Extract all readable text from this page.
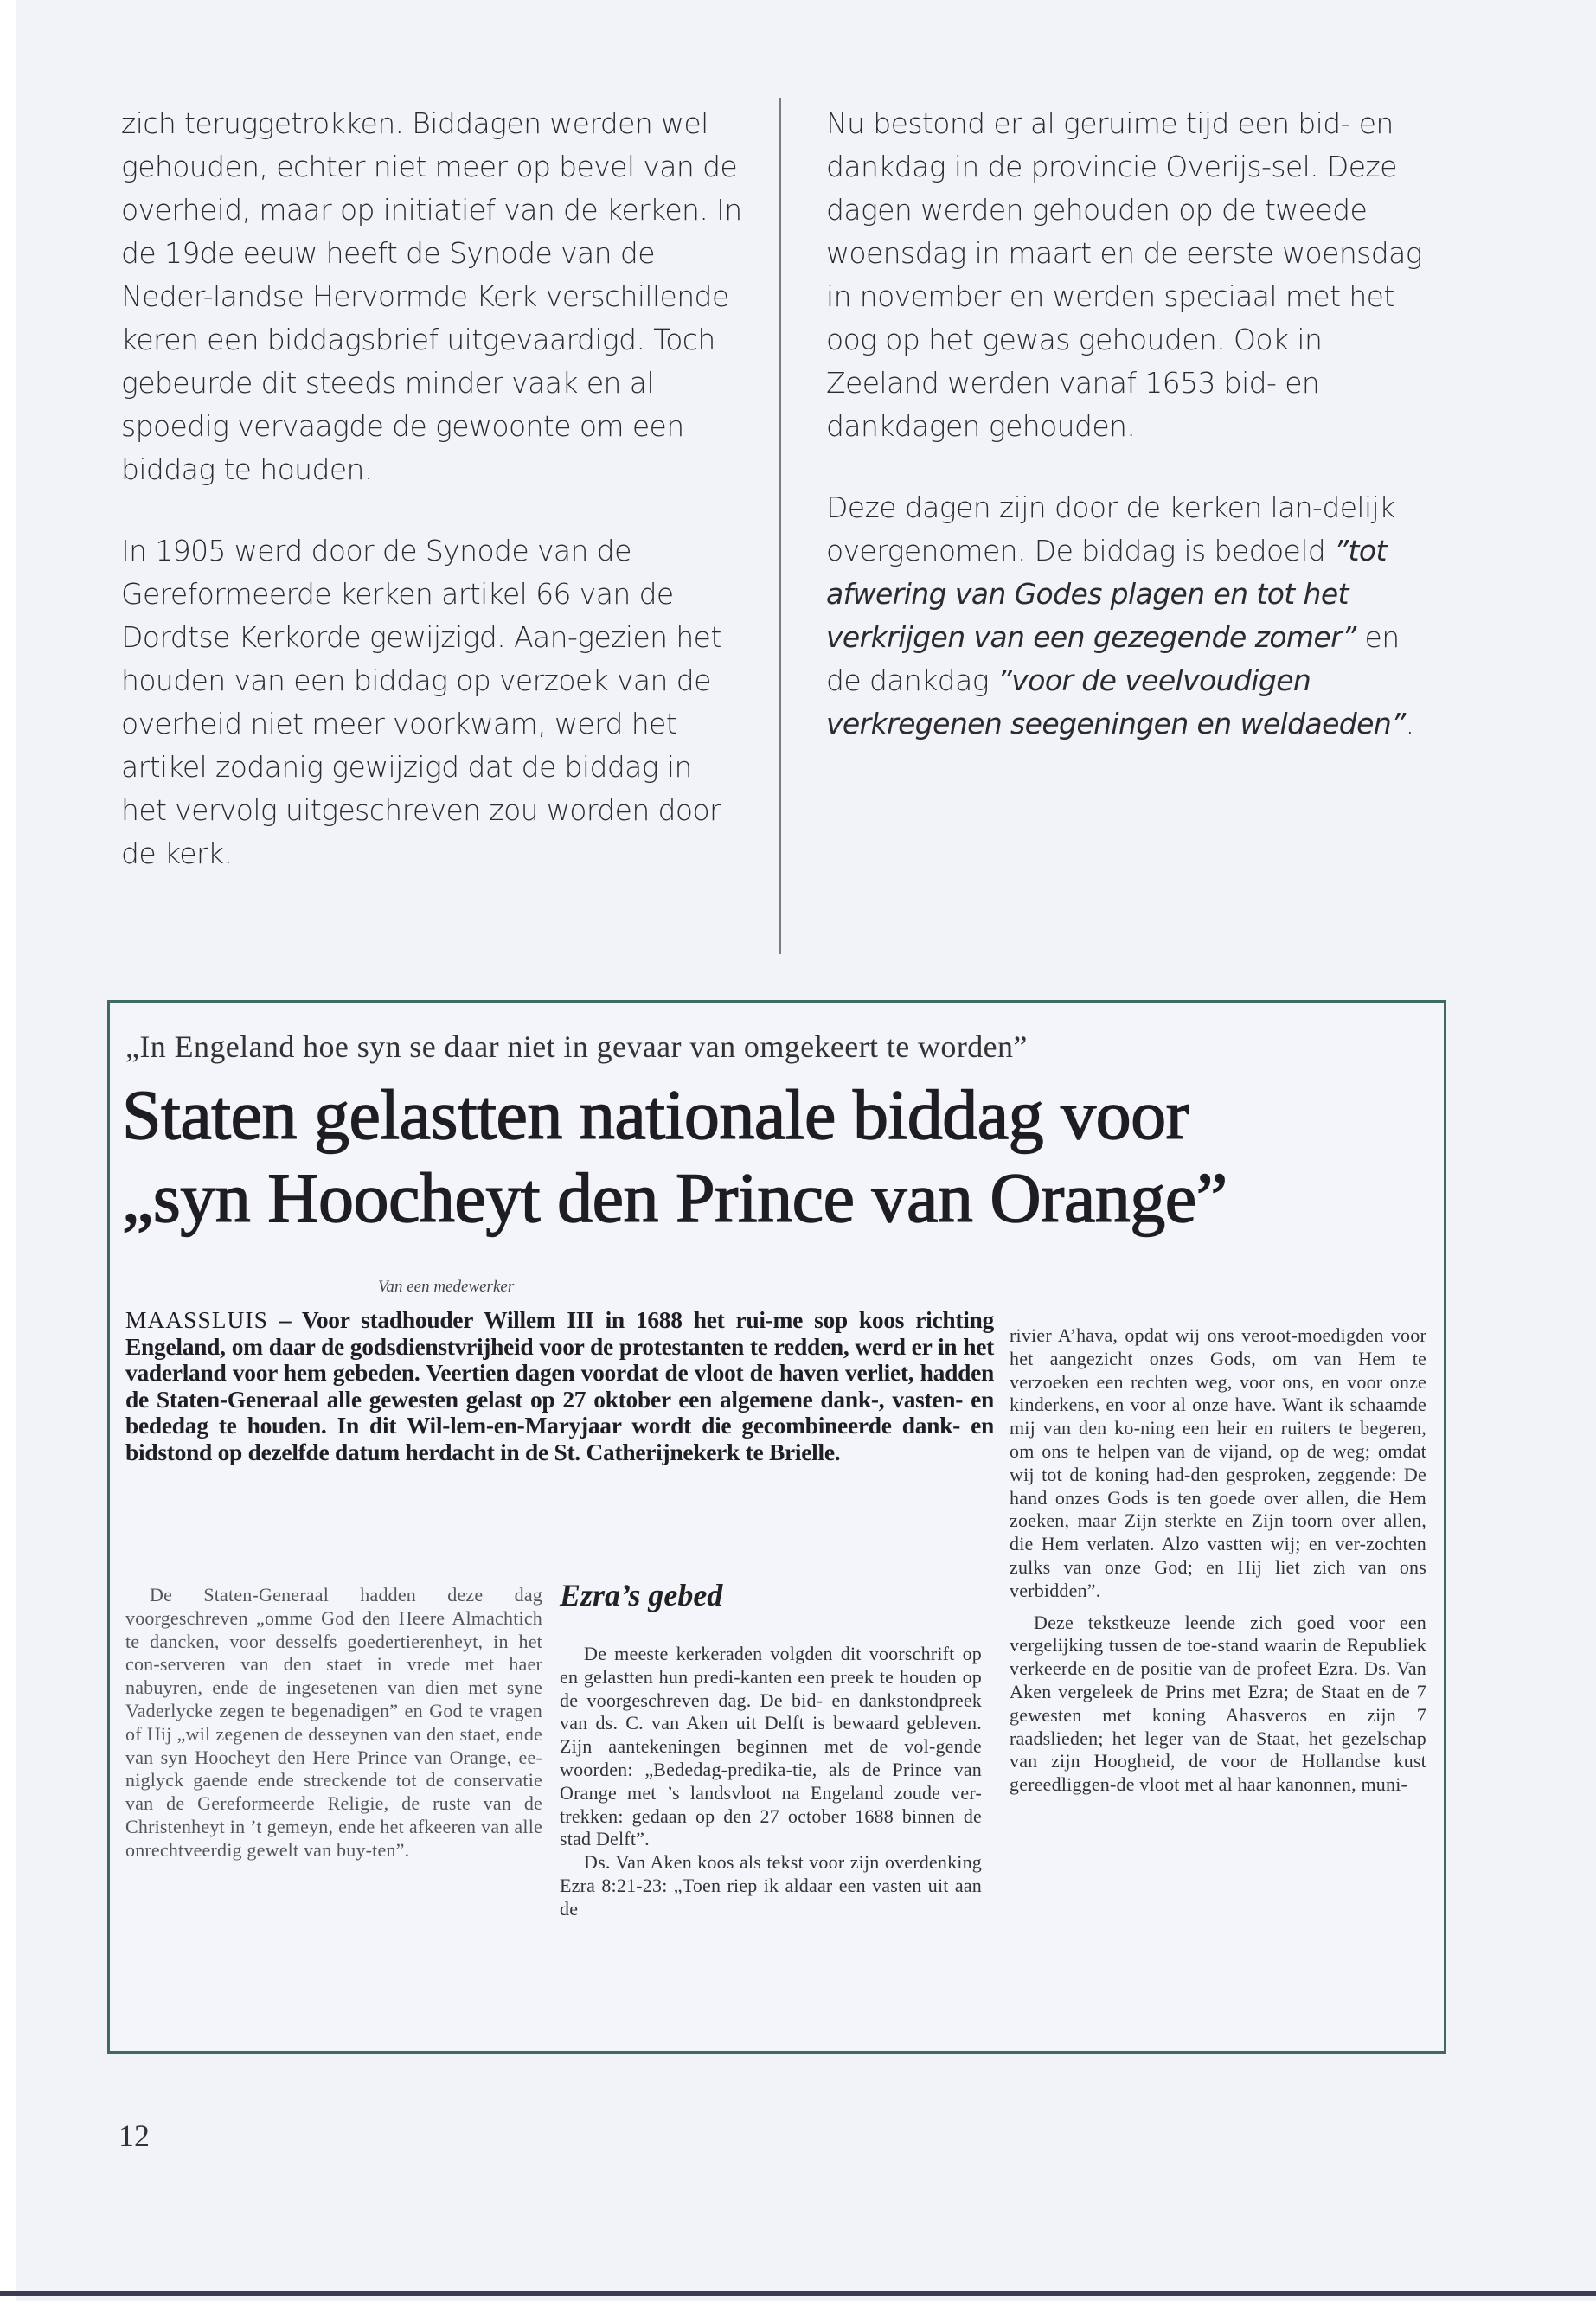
zich teruggetrokken. Biddagen werden wel gehouden, echter niet meer op bevel van de overheid, maar op initiatief van de kerken. In de 19de eeuw heeft de Synode van de Neder-landse Hervormde Kerk verschillende keren een biddagsbrief uitgevaardigd. Toch gebeurde dit steeds minder vaak en al spoedig vervaagde de gewoonte om een biddag te houden.

In 1905 werd door de Synode van de Gereformeerde kerken artikel 66 van de Dordtse Kerkorde gewijzigd. Aan-gezien het houden van een biddag op verzoek van de overheid niet meer voorkwam, werd het artikel zodanig gewijzigd dat de biddag in het vervolg uitgeschreven zou worden door de kerk.

Nu bestond er al geruime tijd een bid- en dankdag in de provincie Overijs-sel. Deze dagen werden gehouden op de tweede woensdag in maart en de eerste woensdag in november en werden speciaal met het oog op het gewas gehouden. Ook in Zeeland werden vanaf 1653 bid- en dankdagen gehouden.

Deze dagen zijn door de kerken lan-delijk overgenomen. De biddag is bedoeld ”tot afwering van Godes plagen en tot het verkrijgen van een gezegende zomer” en de dankdag ”voor de veelvoudigen verkregenen seegeningen en weldaeden”.

„In Engeland hoe syn se daar niet in gevaar van omgekeert te worden”
Staten gelastten nationale biddag voor
„syn Hoocheyt den Prince van Orange”
Van een medewerker
MAASSLUIS – Voor stadhouder Willem III in 1688 het rui-me sop koos richting Engeland, om daar de godsdienstvrijheid voor de protestanten te redden, werd er in het vaderland voor hem gebeden. Veertien dagen voordat de vloot de haven verliet, hadden de Staten-Generaal alle gewesten gelast op 27 oktober een algemene dank-, vasten- en bededag te houden. In dit Wil-lem-en-Maryjaar wordt die gecombineerde dank- en bidstond op dezelfde datum herdacht in de St. Catherijnekerk te Brielle.

De Staten-Generaal hadden deze dag voorgeschreven „omme God den Heere Almachtich te dancken, voor desselfs goedertierenheyt, in het con-serveren van den staet in vrede met haer nabuyren, ende de ingesetenen van dien met syne Vaderlycke zegen te begenadigen” en God te vragen of Hij „wil zegenen de desseynen van den staet, ende van syn Hoocheyt den Here Prince van Orange, ee-niglyck gaende ende streckende tot de conservatie van de Gereformeerde Religie, de ruste van de Christenheyt in ’t gemeyn, ende het afkeeren van alle onrechtveerdig gewelt van buy-ten”.

Ezra’s gebed

De meeste kerkeraden volgden dit voorschrift op en gelastten hun predi-kanten een preek te houden op de voorgeschreven dag. De bid- en dankstondpreek van ds. C. van Aken uit Delft is bewaard gebleven. Zijn aantekeningen beginnen met de vol-gende woorden: „Bededag-predika-tie, als de Prince van Orange met ’s landsvloot na Engeland zoude ver-trekken: gedaan op den 27 october 1688 binnen de stad Delft”.

Ds. Van Aken koos als tekst voor zijn overdenking Ezra 8:21-23: „Toen riep ik aldaar een vasten uit aan de

rivier A’hava, opdat wij ons veroot-moedigden voor het aangezicht onzes Gods, om van Hem te verzoeken een rechten weg, voor ons, en voor onze kinderkens, en voor al onze have. Want ik schaamde mij van den ko-ning een heir en ruiters te begeren, om ons te helpen van de vijand, op de weg; omdat wij tot de koning had-den gesproken, zeggende: De hand onzes Gods is ten goede over allen, die Hem zoeken, maar Zijn sterkte en Zijn toorn over allen, die Hem verlaten. Alzo vastten wij; en ver-zochten zulks van onze God; en Hij liet zich van ons verbidden”.

Deze tekstkeuze leende zich goed voor een vergelijking tussen de toe-stand waarin de Republiek verkeerde en de positie van de profeet Ezra. Ds. Van Aken vergeleek de Prins met Ezra; de Staat en de 7 gewesten met koning Ahasveros en zijn 7 raadslieden; het leger van de Staat, het gezelschap van zijn Hoogheid, de voor de Hollandse kust gereedliggen-de vloot met al haar kanonnen, muni-

12
